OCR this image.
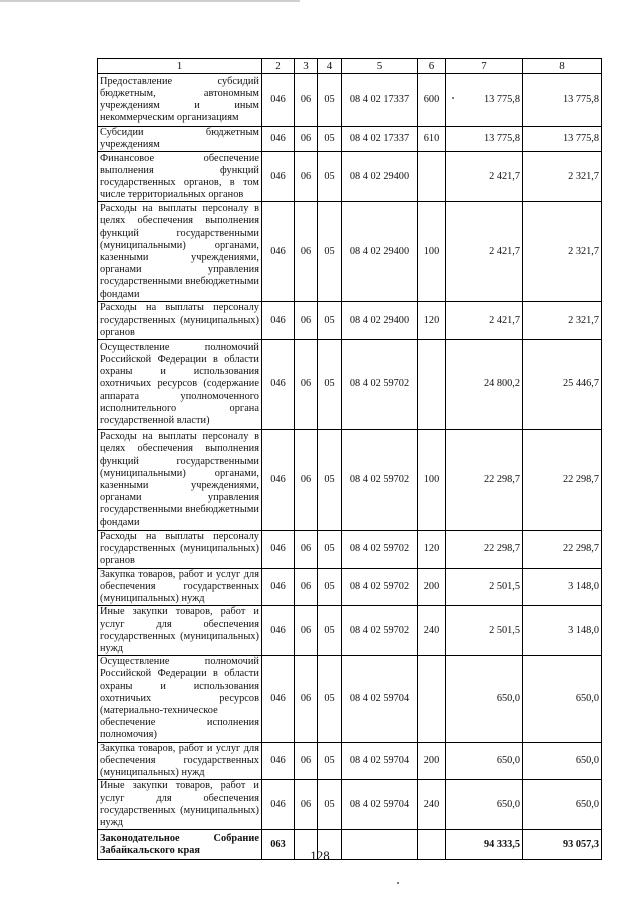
1	2	3	4	5	6	7	8
Предоставление субсидий бюджетным, автономным учреждениям и иным некоммерческим организациям	046	06	05	08 4 02 17337	600	13 775,8	13 775,8
Субсидии бюджетным учреждениям	046	06	05	08 4 02 17337	610	13 775,8	13 775,8
Финансовое обеспечение выполнения функций государственных органов, в том числе территориальных органов	046	06	05	08 4 02 29400		2 421,7	2 321,7
Расходы на выплаты персоналу в целях обеспечения выполнения функций государственными (муниципальными) органами, казенными учреждениями, органами управления государственными внебюджетными фондами	046	06	05	08 4 02 29400	100	2 421,7	2 321,7
Расходы на выплаты персоналу государственных (муниципальных) органов	046	06	05	08 4 02 29400	120	2 421,7	2 321,7
Осуществление полномочий Российской Федерации в области охраны и использования охотничьих ресурсов (содержание аппарата уполномоченного исполнительного органа государственной власти)	046	06	05	08 4 02 59702		24 800,2	25 446,7
Расходы на выплаты персоналу в целях обеспечения выполнения функций государственными (муниципальными) органами, казенными учреждениями, органами управления государственными внебюджетными фондами	046	06	05	08 4 02 59702	100	22 298,7	22 298,7
Расходы на выплаты персоналу государственных (муниципальных) органов	046	06	05	08 4 02 59702	120	22 298,7	22 298,7
Закупка товаров, работ и услуг для обеспечения государственных (муниципальных) нужд	046	06	05	08 4 02 59702	200	2 501,5	3 148,0
Иные закупки товаров, работ и услуг для обеспечения государственных (муниципальных) нужд	046	06	05	08 4 02 59702	240	2 501,5	3 148,0
Осуществление полномочий Российской Федерации в области охраны и использования охотничьих ресурсов (материально-техническое обеспечение исполнения полномочия)	046	06	05	08 4 02 59704		650,0	650,0
Закупка товаров, работ и услуг для обеспечения государственных (муниципальных) нужд	046	06	05	08 4 02 59704	200	650,0	650,0
Иные закупки товаров, работ и услуг для обеспечения государственных (муниципальных) нужд	046	06	05	08 4 02 59704	240	650,0	650,0
Законодательное Собрание Забайкальского края	063					94 333,5	93 057,3
128
